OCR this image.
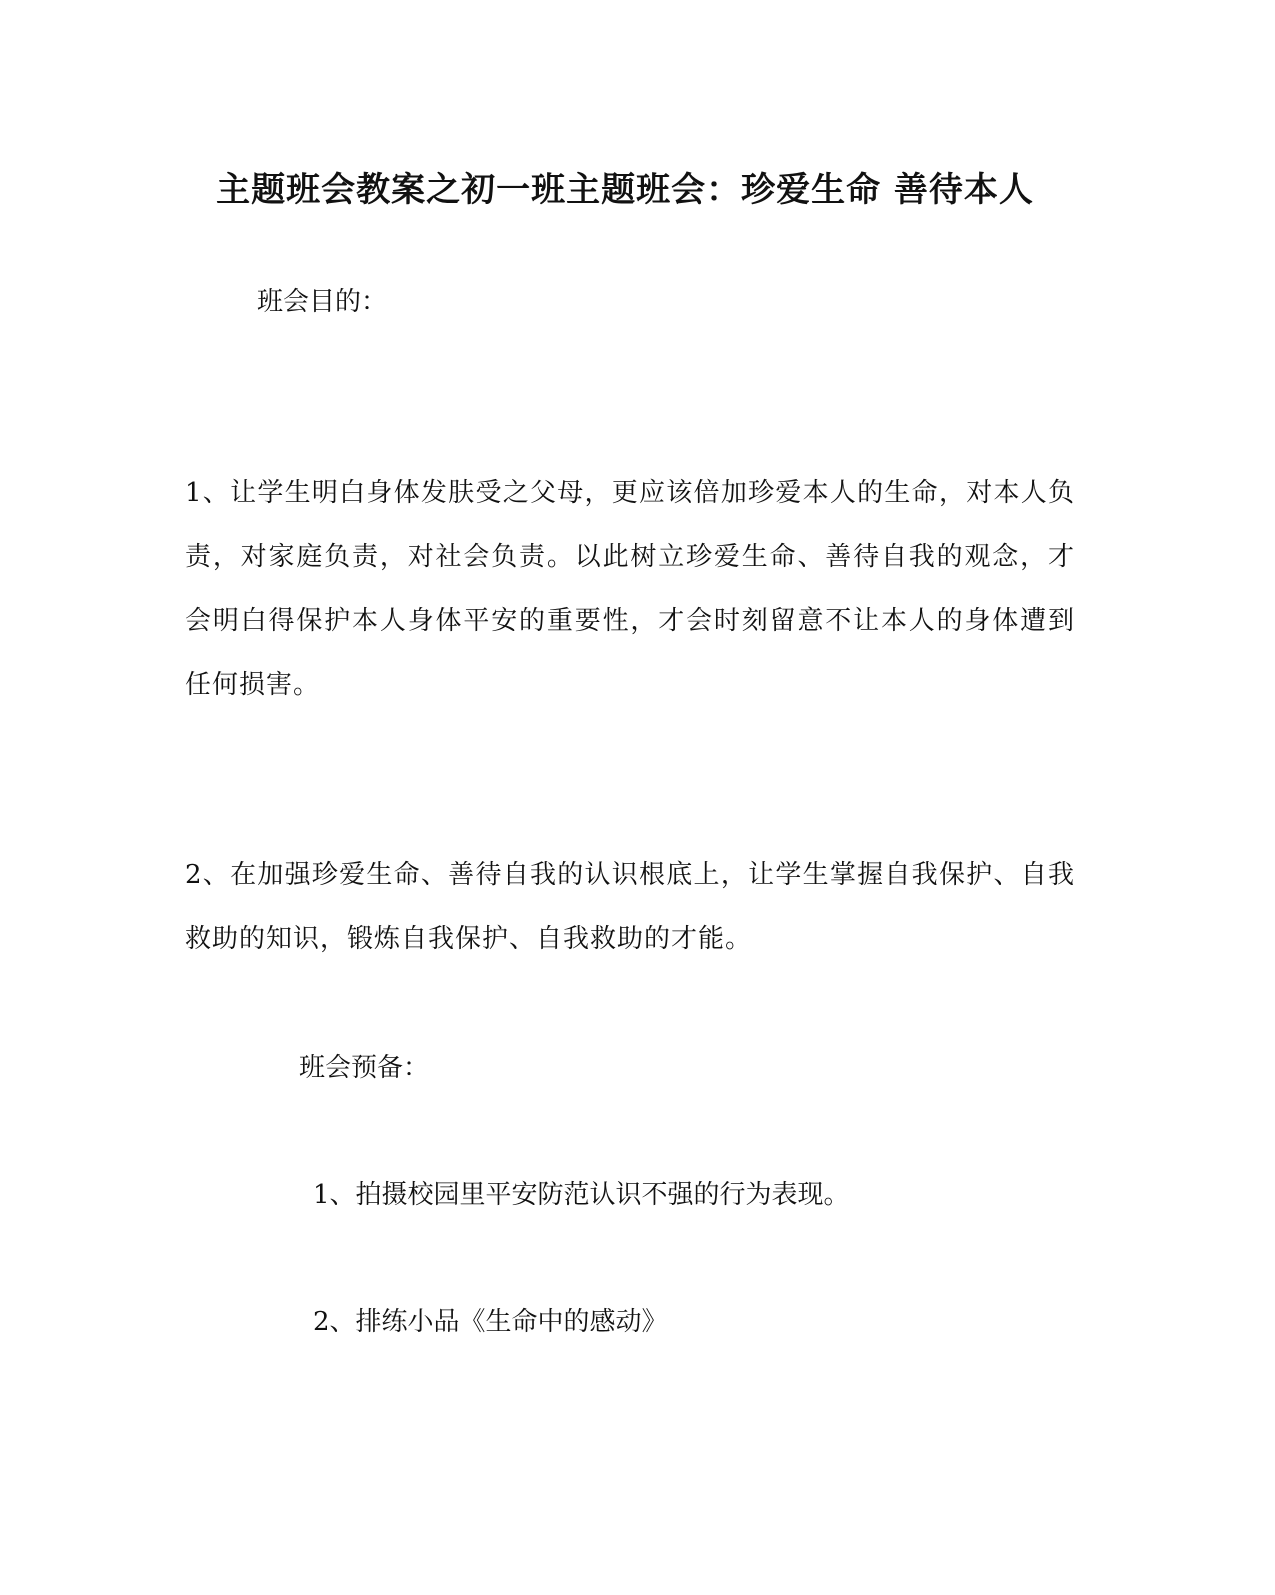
主题班会教案之初一班主题班会：珍爱生命 善待本人
班会目的：
1、让学生明白身体发肤受之父母，更应该倍加珍爱本人的生命，对本人负责，对家庭负责，对社会负责。以此树立珍爱生命、善待自我的观念，才会明白得保护本人身体平安的重要性，才会时刻留意不让本人的身体遭到任何损害。
2、在加强珍爱生命、善待自我的认识根底上，让学生掌握自我保护、自我救助的知识，锻炼自我保护、自我救助的才能。
班会预备：
1、拍摄校园里平安防范认识不强的行为表现。
2、排练小品《生命中的感动》
